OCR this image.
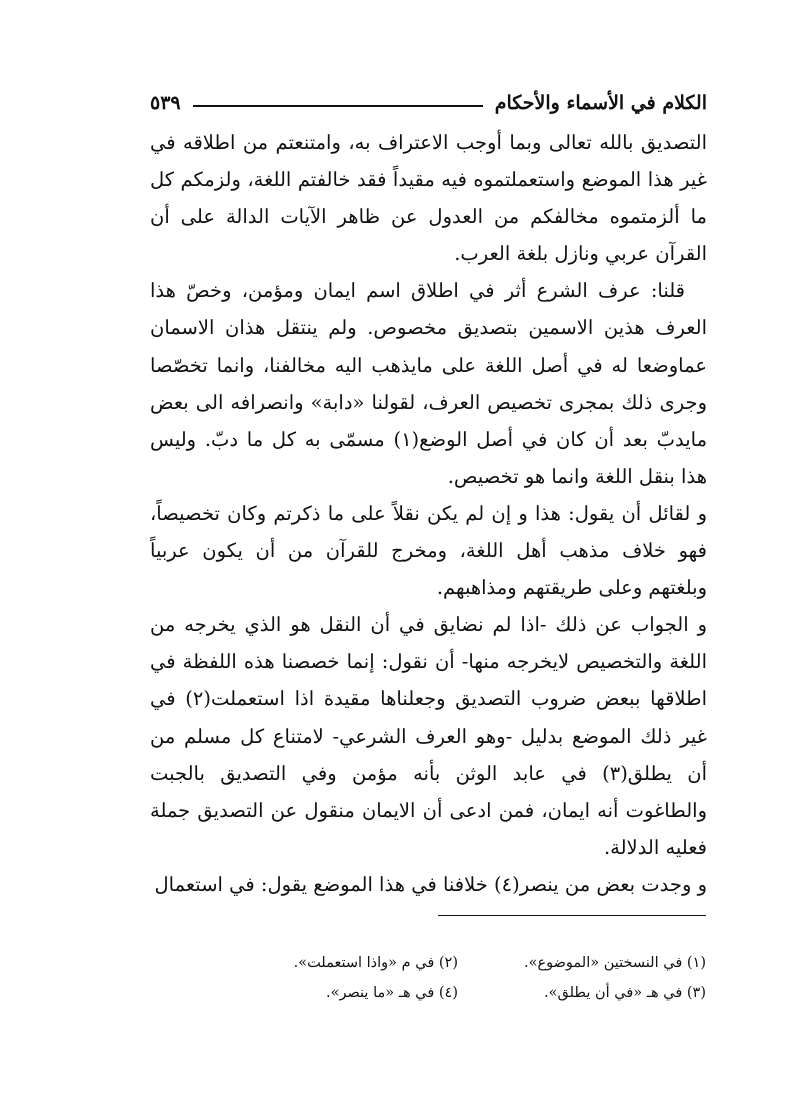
الكلام في الأسماء والأحكام
٥٣٩

التصديق بالله تعالى وبما أوجب الاعتراف به، وامتنعتم من اطلاقه في غير هذا الموضع واستعملتموه فيه مقيداً فقد خالفتم اللغة، ولزمكم كل ما ألزمتموه مخالفكم من العدول عن ظاهر الآيات الدالة على أن القرآن عربي ونازل بلغة العرب.

قلنا: عرف الشرع أثر في اطلاق اسم ايمان ومؤمن، وخصّ هذا العرف هذين الاسمين بتصديق مخصوص. ولم ينتقل هذان الاسمان عماوضعا له في أصل اللغة على مايذهب اليه مخالفنا، وانما تخصّصا وجرى ذلك بمجرى تخصيص العرف، لقولنا «دابة» وانصرافه الى بعض مايدبّ بعد أن كان في أصل الوضع(١) مسمّى به كل ما دبّ. وليس هذا بنقل اللغة وانما هو تخصيص.

و لقائل أن يقول: هذا و إن لم يكن نقلاً على ما ذكرتم وكان تخصيصاً، فهو خلاف مذهب أهل اللغة، ومخرج للقرآن من أن يكون عربياً وبلغتهم وعلى طريقتهم ومذاهبهم.

و الجواب عن ذلك -اذا لم نضايق في أن النقل هو الذي يخرجه من اللغة والتخصيص لايخرجه منها- أن نقول: إنما خصصنا هذه اللفظة في اطلاقها ببعض ضروب التصديق وجعلناها مقيدة اذا استعملت(٢) في غير ذلك الموضع بدليل -وهو العرف الشرعي- لامتناع كل مسلم من أن يطلق(٣) في عابد الوثن بأنه مؤمن وفي التصديق بالجبت والطاغوت أنه ايمان، فمن ادعى أن الايمان منقول عن التصديق جملة فعليه الدلالة.

و وجدت بعض من ينصر(٤) خلافنا في هذا الموضع يقول: في استعمال

(١) في النسختين «الموضوع».
(٢) في م «واذا استعملت».
(٣) في هـ «في أن يطلق».
(٤) في هـ «ما ينصر».
